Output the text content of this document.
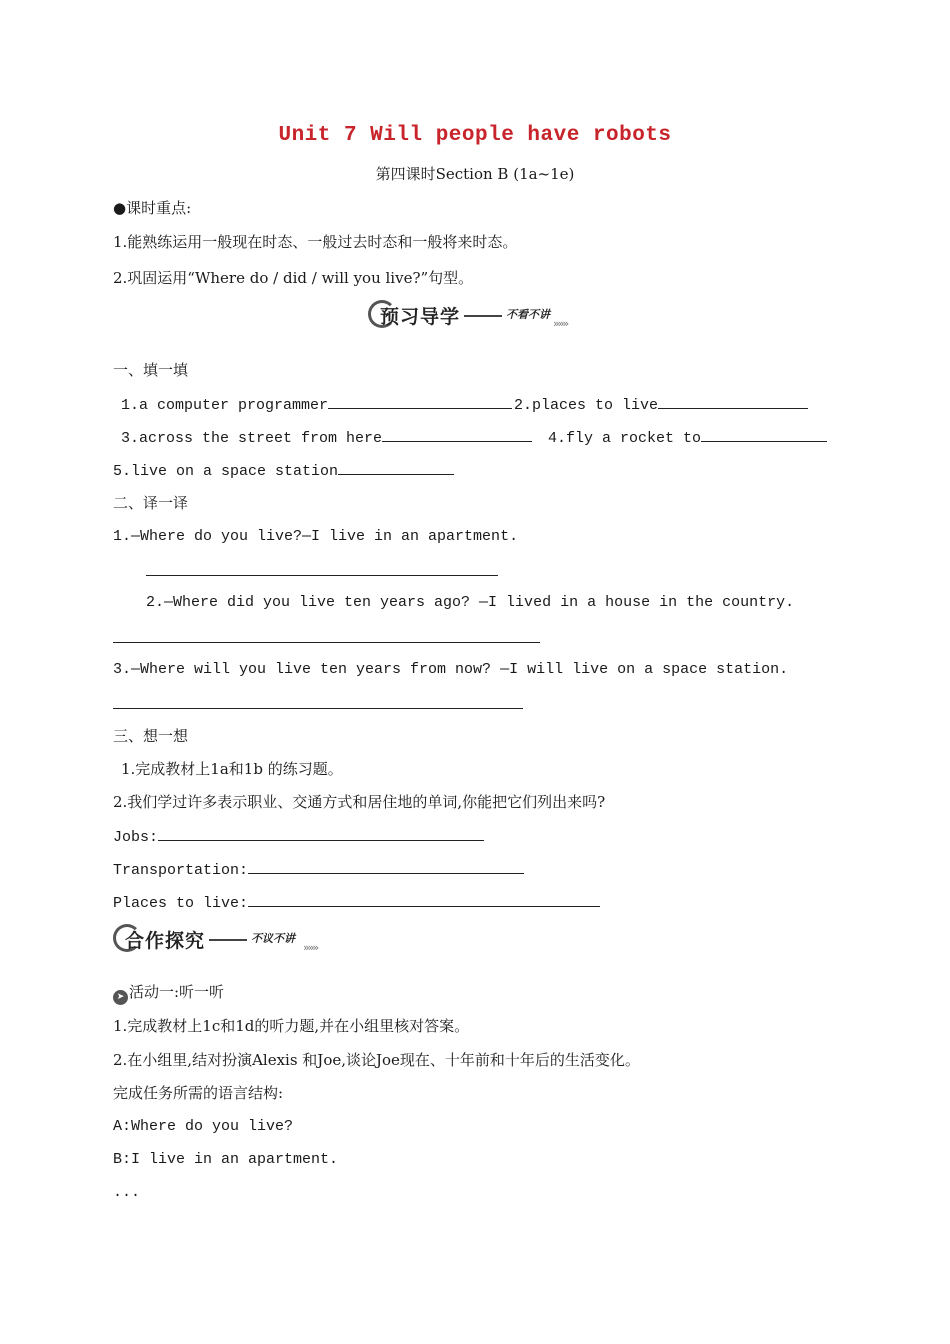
Unit 7 Will people have robots
第四课时Section B (1a~1e)
●课时重点:
1.能熟练运用一般现在时态、一般过去时态和一般将来时态。
2.巩固运用“Where do / did / will you live?”句型。
预习导学	不看不讲
»»»
一、填一填
1.a computer programmer	2.places to live
3.across the street from here	4.fly a rocket to
5.live on a space station
二、译一译
1.—Where do you live?—I live in an apartment.
2.—Where did you live ten years ago? —I lived in a house in the country.
3.—Where will you live ten years from now? —I will live on a space station.
三、想一想
1.完成教材上1a和1b 的练习题。
2.我们学过许多表示职业、交通方式和居住地的单词,你能把它们列出来吗?
Jobs:
Transportation:
Places to live:
合作探究	不议不讲
»»»
➤ 活动一:听一听
1.完成教材上1c和1d的听力题,并在小组里核对答案。
2.在小组里,结对扮演Alexis 和Joe,谈论Joe现在、十年前和十年后的生活变化。
完成任务所需的语言结构:
A:Where do you live?
B:I live in an apartment.
...
